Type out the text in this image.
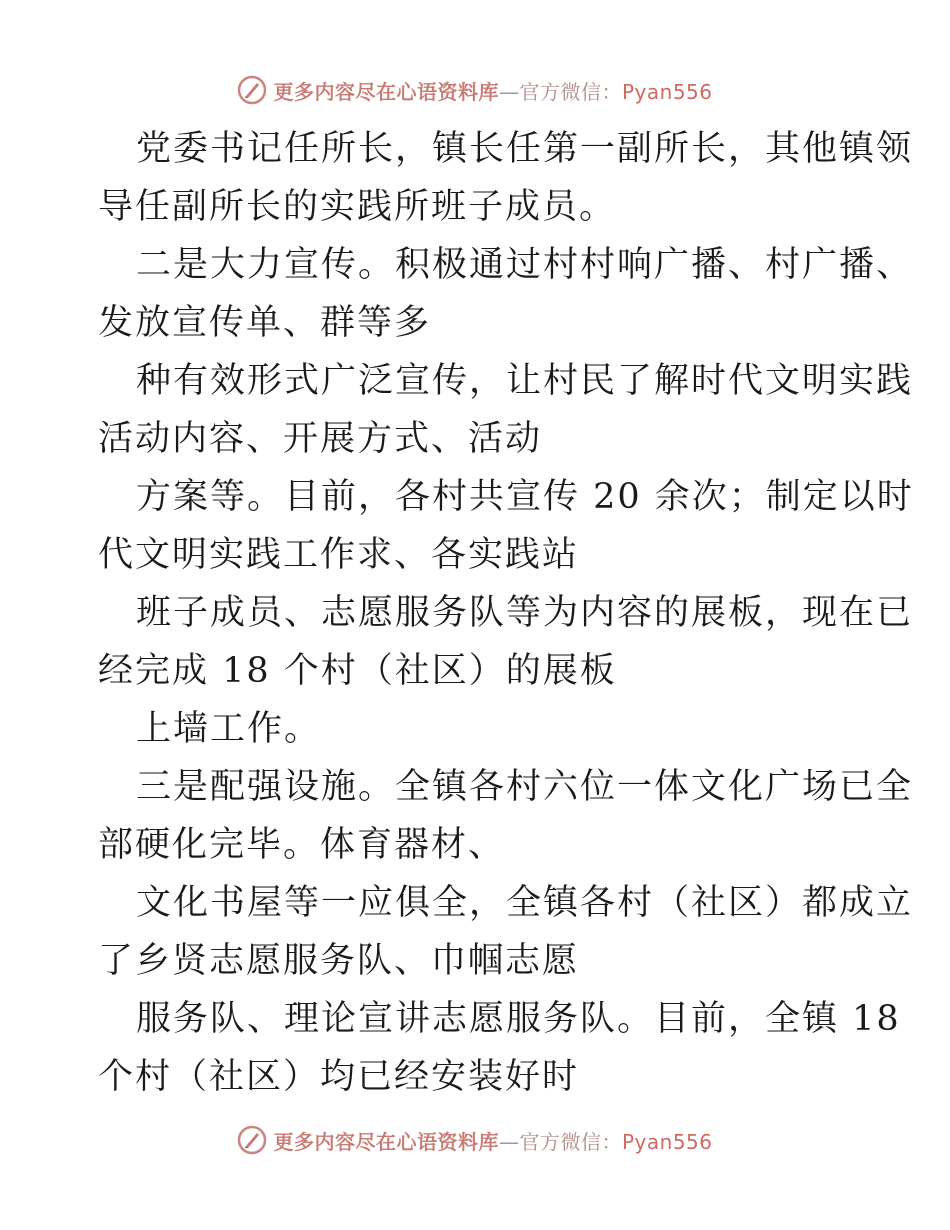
更多内容尽在心语资料库—官方微信：Pyan556
党委书记任所长，镇长任第一副所长，其他镇领
导任副所长的实践所班子成员。
二是大力宣传。积极通过村村响广播、村广播、
发放宣传单、群等多
种有效形式广泛宣传，让村民了解时代文明实践
活动内容、开展方式、活动
方案等。目前，各村共宣传 20 余次；制定以时
代文明实践工作求、各实践站
班子成员、志愿服务队等为内容的展板，现在已
经完成 18 个村（社区）的展板
上墙工作。
三是配强设施。全镇各村六位一体文化广场已全
部硬化完毕。体育器材、
文化书屋等一应俱全，全镇各村（社区）都成立
了乡贤志愿服务队、巾帼志愿
服务队、理论宣讲志愿服务队。目前，全镇 18
个村（社区）均已经安装好时
更多内容尽在心语资料库—官方微信：Pyan556
